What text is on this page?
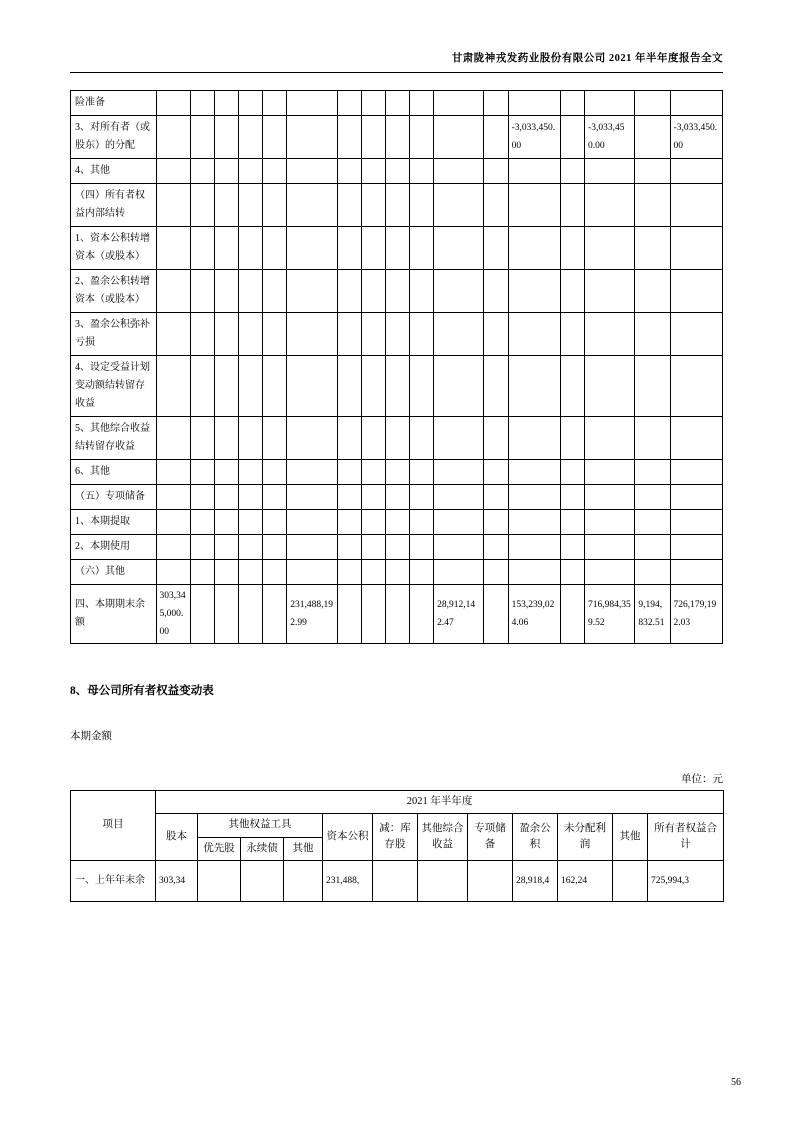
甘肃陇神戎发药业股份有限公司 2021 年半年度报告全文
险准备																	
3、对所有者（或股东）的分配													-3,033,450.00		-3,033,450.00		-3,033,450.00
4、其他																	
（四）所有者权益内部结转																	
1、资本公积转增资本（或股本）																	
2、盈余公积转增资本（或股本）																	
3、盈余公积弥补亏损																	
4、设定受益计划变动额结转留存收益																	
5、其他综合收益结转留存收益																	
6、其他																	
（五）专项储备																	
1、本期提取																	
2、本期使用																	
（六）其他																	
四、本期期末余额	303,345,000.00					231,488,192.99					28,912,142.47		153,239,024.06		716,984,359.52	9,194,832.51	726,179,192.03
8、母公司所有者权益变动表
本期金额
单位：元
项目	2021 年半年度											
	股本	其他权益工具			资本公积	减：库存股	其他综合收益	专项储备	盈余公积	未分配利润	其他	所有者权益合计
		优先股	永续债	其他								
一、上年年末余	303,34				231,488,				28,918,4	162,24		725,994,3
56
